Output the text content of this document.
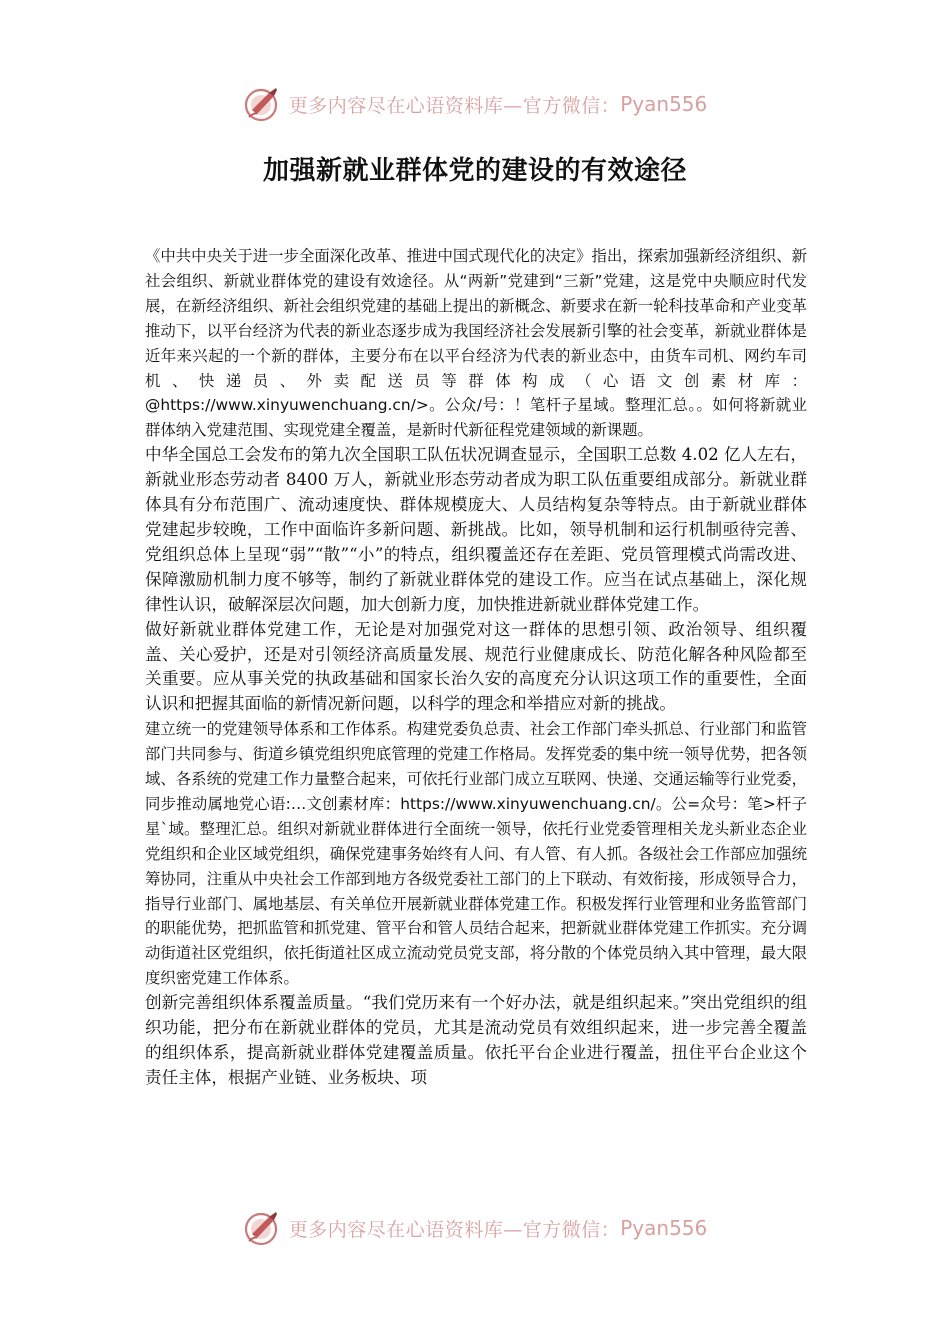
更多内容尽在心语资料库—官方微信： Pyan556
加强新就业群体党的建设的有效途径

《中共中央关于进一步全面深化改革、推进中国式现代化的决定》指出，探索加强新经济组织、新社会组织、新就业群体党的建设有效途径。从“两新”党建到“三新”党建，这是党中央顺应时代发展，在新经济组织、新社会组织党建的基础上提出的新概念、新要求在新一轮科技革命和产业变革推动下，以平台经济为代表的新业态逐步成为我国经济社会发展新引擎的社会变革，新就业群体是近年来兴起的一个新的群体，主要分布在以平台经济为代表的新业态中，由货车司机、网约车司机、快递员、外卖配送员等群体构成（心语文创素材库：@https://www.xinyuwenchuang.cn/>。公众/号：！笔杆子星域。整理汇总。。如何将新就业群体纳入党建范围、实现党建全覆盖，是新时代新征程党建领域的新课题。

中华全国总工会发布的第九次全国职工队伍状况调查显示，全国职工总数 4.02 亿人左右，新就业形态劳动者 8400 万人，新就业形态劳动者成为职工队伍重要组成部分。新就业群体具有分布范围广、流动速度快、群体规模庞大、人员结构复杂等特点。由于新就业群体党建起步较晚，工作中面临许多新问题、新挑战。比如，领导机制和运行机制亟待完善、党组织总体上呈现“弱”“散”“小”的特点，组织覆盖还存在差距、党员管理模式尚需改进、保障激励机制力度不够等，制约了新就业群体党的建设工作。应当在试点基础上，深化规律性认识，破解深层次问题，加大创新力度，加快推进新就业群体党建工作。

做好新就业群体党建工作，无论是对加强党对这一群体的思想引领、政治领导、组织覆盖、关心爱护，还是对引领经济高质量发展、规范行业健康成长、防范化解各种风险都至关重要。应从事关党的执政基础和国家长治久安的高度充分认识这项工作的重要性，全面认识和把握其面临的新情况新问题，以科学的理念和举措应对新的挑战。

建立统一的党建领导体系和工作体系。构建党委负总责、社会工作部门牵头抓总、行业部门和监管部门共同参与、街道乡镇党组织兜底管理的党建工作格局。发挥党委的集中统一领导优势，把各领域、各系统的党建工作力量整合起来，可依托行业部门成立互联网、快递、交通运输等行业党委，同步推动属地党心语:…文创素材库：https://www.xinyuwenchuang.cn/。公=众号：笔>杆子星`域。整理汇总。组织对新就业群体进行全面统一领导，依托行业党委管理相关龙头新业态企业党组织和企业区域党组织，确保党建事务始终有人问、有人管、有人抓。各级社会工作部应加强统筹协同，注重从中央社会工作部到地方各级党委社工部门的上下联动、有效衔接，形成领导合力，指导行业部门、属地基层、有关单位开展新就业群体党建工作。积极发挥行业管理和业务监管部门的职能优势，把抓监管和抓党建、管平台和管人员结合起来，把新就业群体党建工作抓实。充分调动街道社区党组织，依托街道社区成立流动党员党支部，将分散的个体党员纳入其中管理，最大限度织密党建工作体系。

创新完善组织体系覆盖质量。“我们党历来有一个好办法，就是组织起来。”突出党组织的组织功能，把分布在新就业群体的党员，尤其是流动党员有效组织起来，进一步完善全覆盖的组织体系，提高新就业群体党建覆盖质量。依托平台企业进行覆盖，扭住平台企业这个责任主体，根据产业链、业务板块、项

更多内容尽在心语资料库—官方微信： Pyan556
